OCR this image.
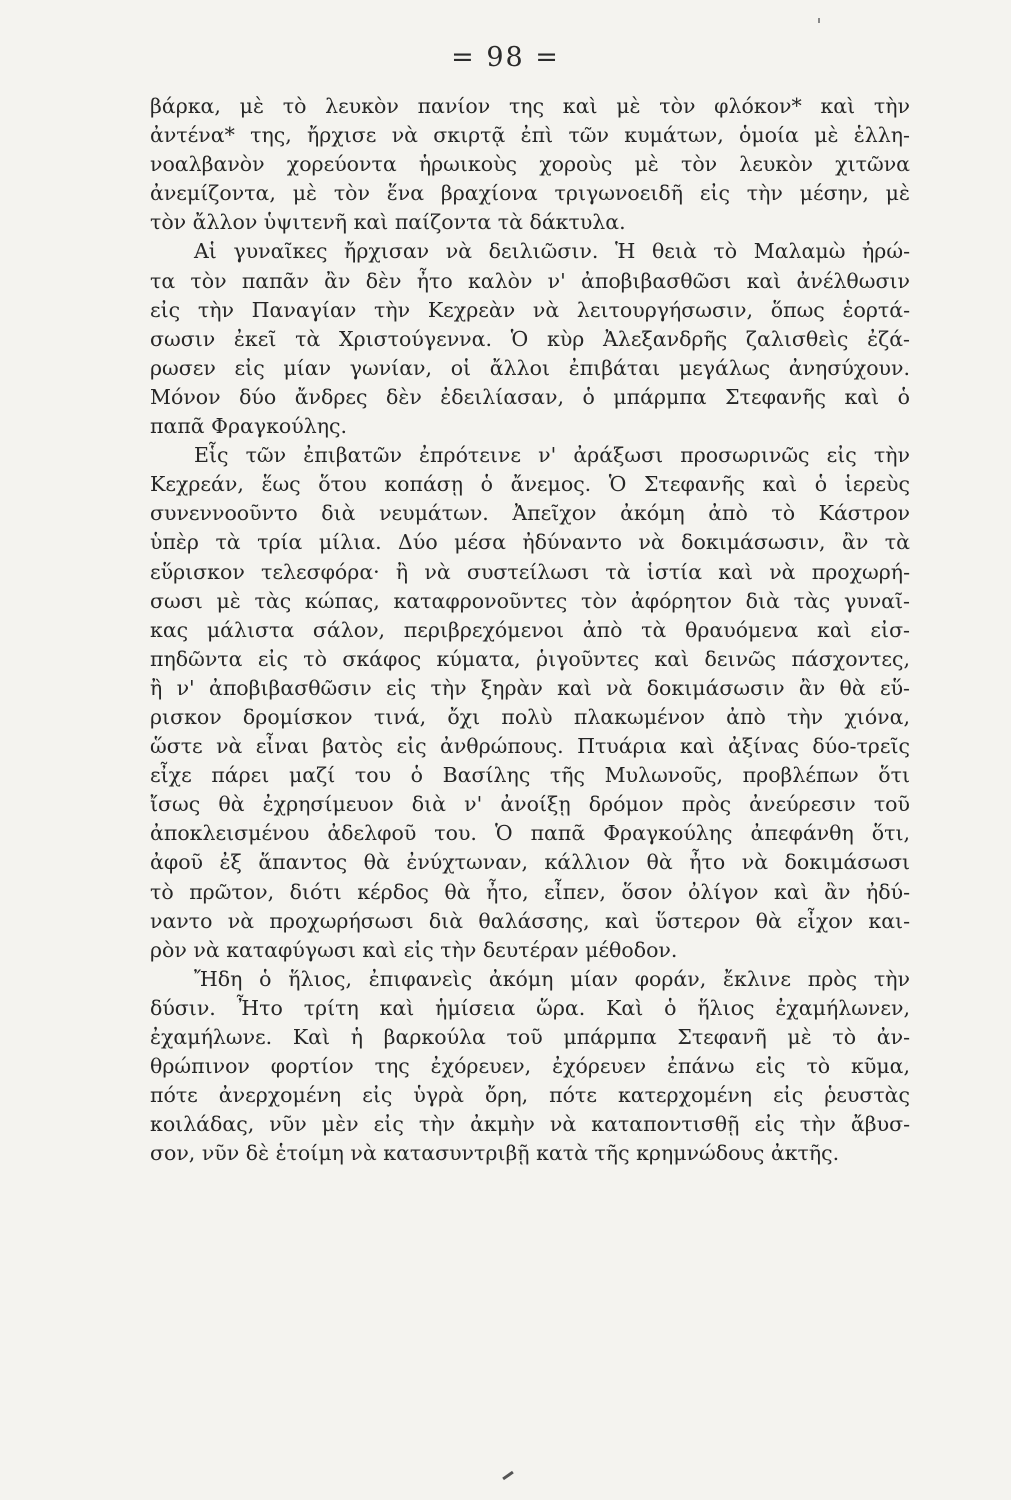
= 98 =
βάρκα, μὲ τὸ λευκὸν πανίον της καὶ μὲ τὸν φλόκον* καὶ τὴν
ἀντένα* της, ἤρχισε νὰ σκιρτᾷ ἐπὶ τῶν κυμάτων, ὁμοία μὲ ἑλλη-
νοαλβανὸν χορεύοντα ἡρωικοὺς χοροὺς μὲ τὸν λευκὸν χιτῶνα
ἀνεμίζοντα, μὲ τὸν ἕνα βραχίονα τριγωνοειδῆ εἰς τὴν μέσην, μὲ
τὸν ἄλλον ὑψιτενῆ καὶ παίζοντα τὰ δάκτυλα.
Αἱ γυναῖκες ἤρχισαν νὰ δειλιῶσιν. Ἡ θειὰ τὸ Μαλαμὼ ἠρώ-
τα τὸν παπᾶν ἂν δὲν ἦτο καλὸν ν' ἀποβιβασθῶσι καὶ ἀνέλθωσιν
εἰς τὴν Παναγίαν τὴν Κεχρεὰν νὰ λειτουργήσωσιν, ὅπως ἑορτά-
σωσιν ἐκεῖ τὰ Χριστούγεννα. Ὁ κὺρ Ἀλεξανδρῆς ζαλισθεὶς ἐζά-
ρωσεν εἰς μίαν γωνίαν, οἱ ἄλλοι ἐπιβάται μεγάλως ἀνησύχουν.
Μόνον δύο ἄνδρες δὲν ἐδειλίασαν, ὁ μπάρμπα Στεφανῆς καὶ ὁ
παπᾶ Φραγκούλης.
Εἷς τῶν ἐπιβατῶν ἐπρότεινε ν' ἀράξωσι προσωρινῶς εἰς τὴν
Κεχρεάν, ἕως ὅτου κοπάσῃ ὁ ἄνεμος. Ὁ Στεφανῆς καὶ ὁ ἱερεὺς
συνεννοοῦντο διὰ νευμάτων. Ἀπεῖχον ἀκόμη ἀπὸ τὸ Κάστρον
ὑπὲρ τὰ τρία μίλια. Δύο μέσα ἠδύναντο νὰ δοκιμάσωσιν, ἂν τὰ
εὕρισκον τελεσφόρα· ἢ νὰ συστείλωσι τὰ ἱστία καὶ νὰ προχωρή-
σωσι μὲ τὰς κώπας, καταφρονοῦντες τὸν ἀφόρητον διὰ τὰς γυναῖ-
κας μάλιστα σάλον, περιβρεχόμενοι ἀπὸ τὰ θραυόμενα καὶ εἰσ-
πηδῶντα εἰς τὸ σκάφος κύματα, ῥιγοῦντες καὶ δεινῶς πάσχοντες,
ἢ ν' ἀποβιβασθῶσιν εἰς τὴν ξηρὰν καὶ νὰ δοκιμάσωσιν ἂν θὰ εὕ-
ρισκον δρομίσκον τινά, ὄχι πολὺ πλακωμένον ἀπὸ τὴν χιόνα,
ὥστε νὰ εἶναι βατὸς εἰς ἀνθρώπους. Πτυάρια καὶ ἀξίνας δύο-τρεῖς
εἶχε πάρει μαζί του ὁ Βασίλης τῆς Μυλωνοῦς, προβλέπων ὅτι
ἴσως θὰ ἐχρησίμευον διὰ ν' ἀνοίξῃ δρόμον πρὸς ἀνεύρεσιν τοῦ
ἀποκλεισμένου ἀδελφοῦ του. Ὁ παπᾶ Φραγκούλης ἀπεφάνθη ὅτι,
ἀφοῦ ἐξ ἅπαντος θὰ ἐνύχτωναν, κάλλιον θὰ ἦτο νὰ δοκιμάσωσι
τὸ πρῶτον, διότι κέρδος θὰ ἦτο, εἶπεν, ὅσον ὀλίγον καὶ ἂν ἠδύ-
ναντο νὰ προχωρήσωσι διὰ θαλάσσης, καὶ ὕστερον θὰ εἶχον και-
ρὸν νὰ καταφύγωσι καὶ εἰς τὴν δευτέραν μέθοδον.
Ἤδη ὁ ἥλιος, ἐπιφανεὶς ἀκόμη μίαν φοράν, ἔκλινε πρὸς τὴν
δύσιν. Ἦτο τρίτη καὶ ἡμίσεια ὥρα. Καὶ ὁ ἥλιος ἐχαμήλωνεν,
ἐχαμήλωνε. Καὶ ἡ βαρκούλα τοῦ μπάρμπα Στεφανῆ μὲ τὸ ἀν-
θρώπινον φορτίον της ἐχόρευεν, ἐχόρευεν ἐπάνω εἰς τὸ κῦμα,
πότε ἀνερχομένη εἰς ὑγρὰ ὄρη, πότε κατερχομένη εἰς ῥευστὰς
κοιλάδας, νῦν μὲν εἰς τὴν ἀκμὴν νὰ καταποντισθῇ εἰς τὴν ἄβυσ-
σον, νῦν δὲ ἑτοίμη νὰ κατασυντριβῇ κατὰ τῆς κρημνώδους ἀκτῆς.
